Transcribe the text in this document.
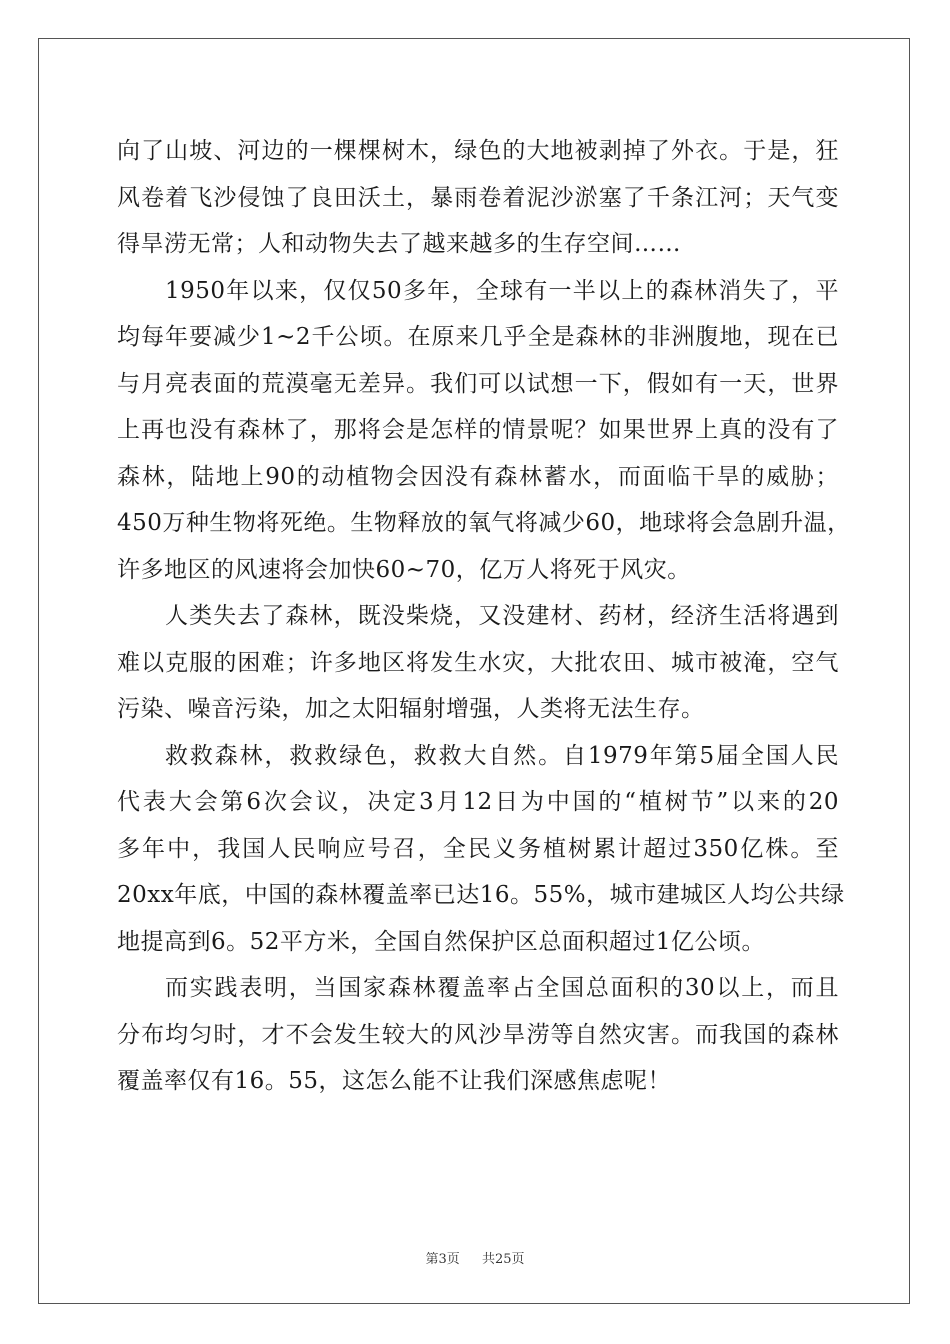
向了山坡、河边的一棵棵树木，绿色的大地被剥掉了外衣。于是，狂
风卷着飞沙侵蚀了良田沃土，暴雨卷着泥沙淤塞了千条江河；天气变
得旱涝无常；人和动物失去了越来越多的生存空间……
1950年以来，仅仅50多年，全球有一半以上的森林消失了，平
均每年要减少1~2千公顷。在原来几乎全是森林的非洲腹地，现在已
与月亮表面的荒漠毫无差异。我们可以试想一下，假如有一天，世界
上再也没有森林了，那将会是怎样的情景呢？如果世界上真的没有了
森林，陆地上90的动植物会因没有森林蓄水，而面临干旱的威胁；
450万种生物将死绝。生物释放的氧气将减少60，地球将会急剧升温，
许多地区的风速将会加快60~70，亿万人将死于风灾。
人类失去了森林，既没柴烧，又没建材、药材，经济生活将遇到
难以克服的困难；许多地区将发生水灾，大批农田、城市被淹，空气
污染、噪音污染，加之太阳辐射增强，人类将无法生存。
救救森林，救救绿色，救救大自然。自1979年第5届全国人民
代表大会第6次会议，决定3月12日为中国的“植树节”以来的20
多年中，我国人民响应号召，全民义务植树累计超过350亿株。至
20xx年底，中国的森林覆盖率已达16。55%，城市建城区人均公共绿
地提高到6。52平方米，全国自然保护区总面积超过1亿公顷。
而实践表明，当国家森林覆盖率占全国总面积的30以上，而且
分布均匀时，才不会发生较大的风沙旱涝等自然灾害。而我国的森林
覆盖率仅有16。55，这怎么能不让我们深感焦虑呢！
第3页 共25页
